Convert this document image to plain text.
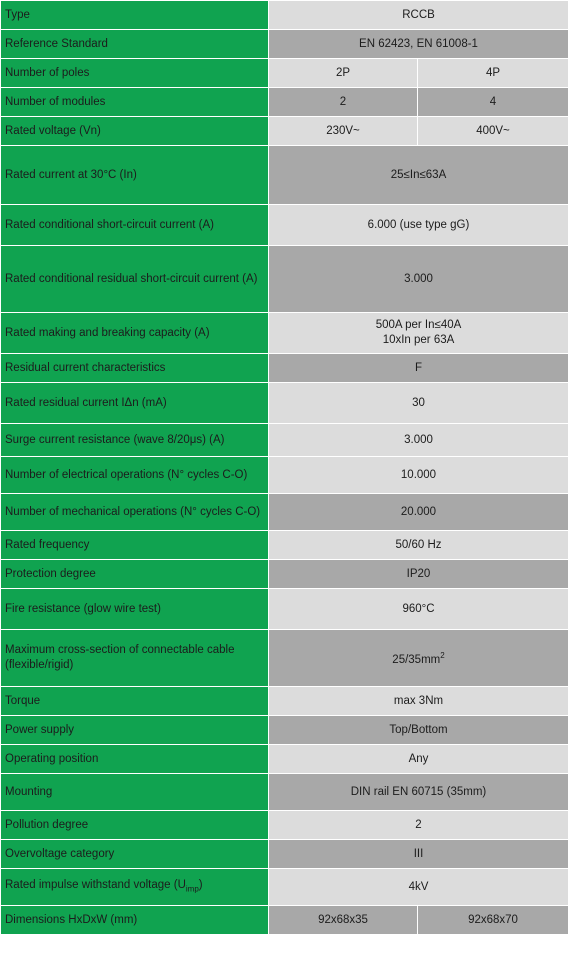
Type	RCCB	
Reference Standard	EN 62423, EN 61008-1	
Number of poles	2P	4P
Number of modules	2	4
Rated voltage (Vn)	230V~	400V~
Rated current at 30°C (In)	25≤In≤63A	
Rated conditional short-circuit current (A)	6.000 (use type gG)	
Rated conditional residual short-circuit current (A)	3.000	
Rated making and breaking capacity (A)	500A per In≤40A
10xIn per 63A	
Residual current characteristics	F	
Rated residual current IΔn (mA)	30	
Surge current resistance (wave 8/20μs) (A)	3.000	
Number of electrical operations (N° cycles C-O)	10.000	
Number of mechanical operations (N° cycles C-O)	20.000	
Rated frequency	50/60 Hz	
Protection degree	IP20	
Fire resistance (glow wire test)	960°C	
Maximum cross-section of connectable cable (flexible/rigid)	$25/35mm^2$
Torque	max 3Nm	
Power supply	Top/Bottom	
Operating position	Any	
Mounting	DIN rail EN 60715 (35mm)	
Pollution degree	2	
Overvoltage category	III	
Rated impulse withstand voltage $(U_{imp})$	4kV	
Dimensions HxDxW (mm)	92x68x35	92x68x70
